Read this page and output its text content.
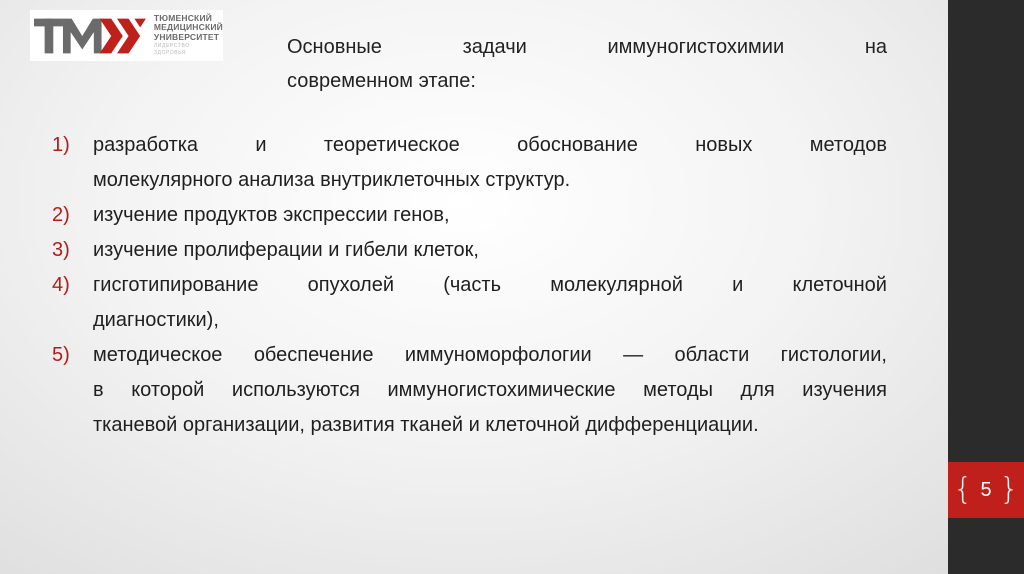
ТЮМЕНСКИЙ
МЕДИЦИНСКИЙ
УНИВЕРСИТЕТ
ЛИДЕРСТВО ЗДОРОВЬЯ	Основные	задачи	иммуногистохимии	на
современном этапе:
1)	разработка	и	теоретическое	обоснование	новых	методов
молекулярного анализа внутриклеточных структур.
2)	изучение продуктов экспрессии генов,
3)	изучение пролиферации и гибели клеток,
4)	гисготипирование опухолей (часть молекулярной и клеточной
диагностики),
5)	методическое обеспечение иммуноморфологии — области гистологии,
в которой используются иммуногистохимические методы для изучения
тканевой организации, развития тканей и клеточной дифференциации.
{ 5 }
